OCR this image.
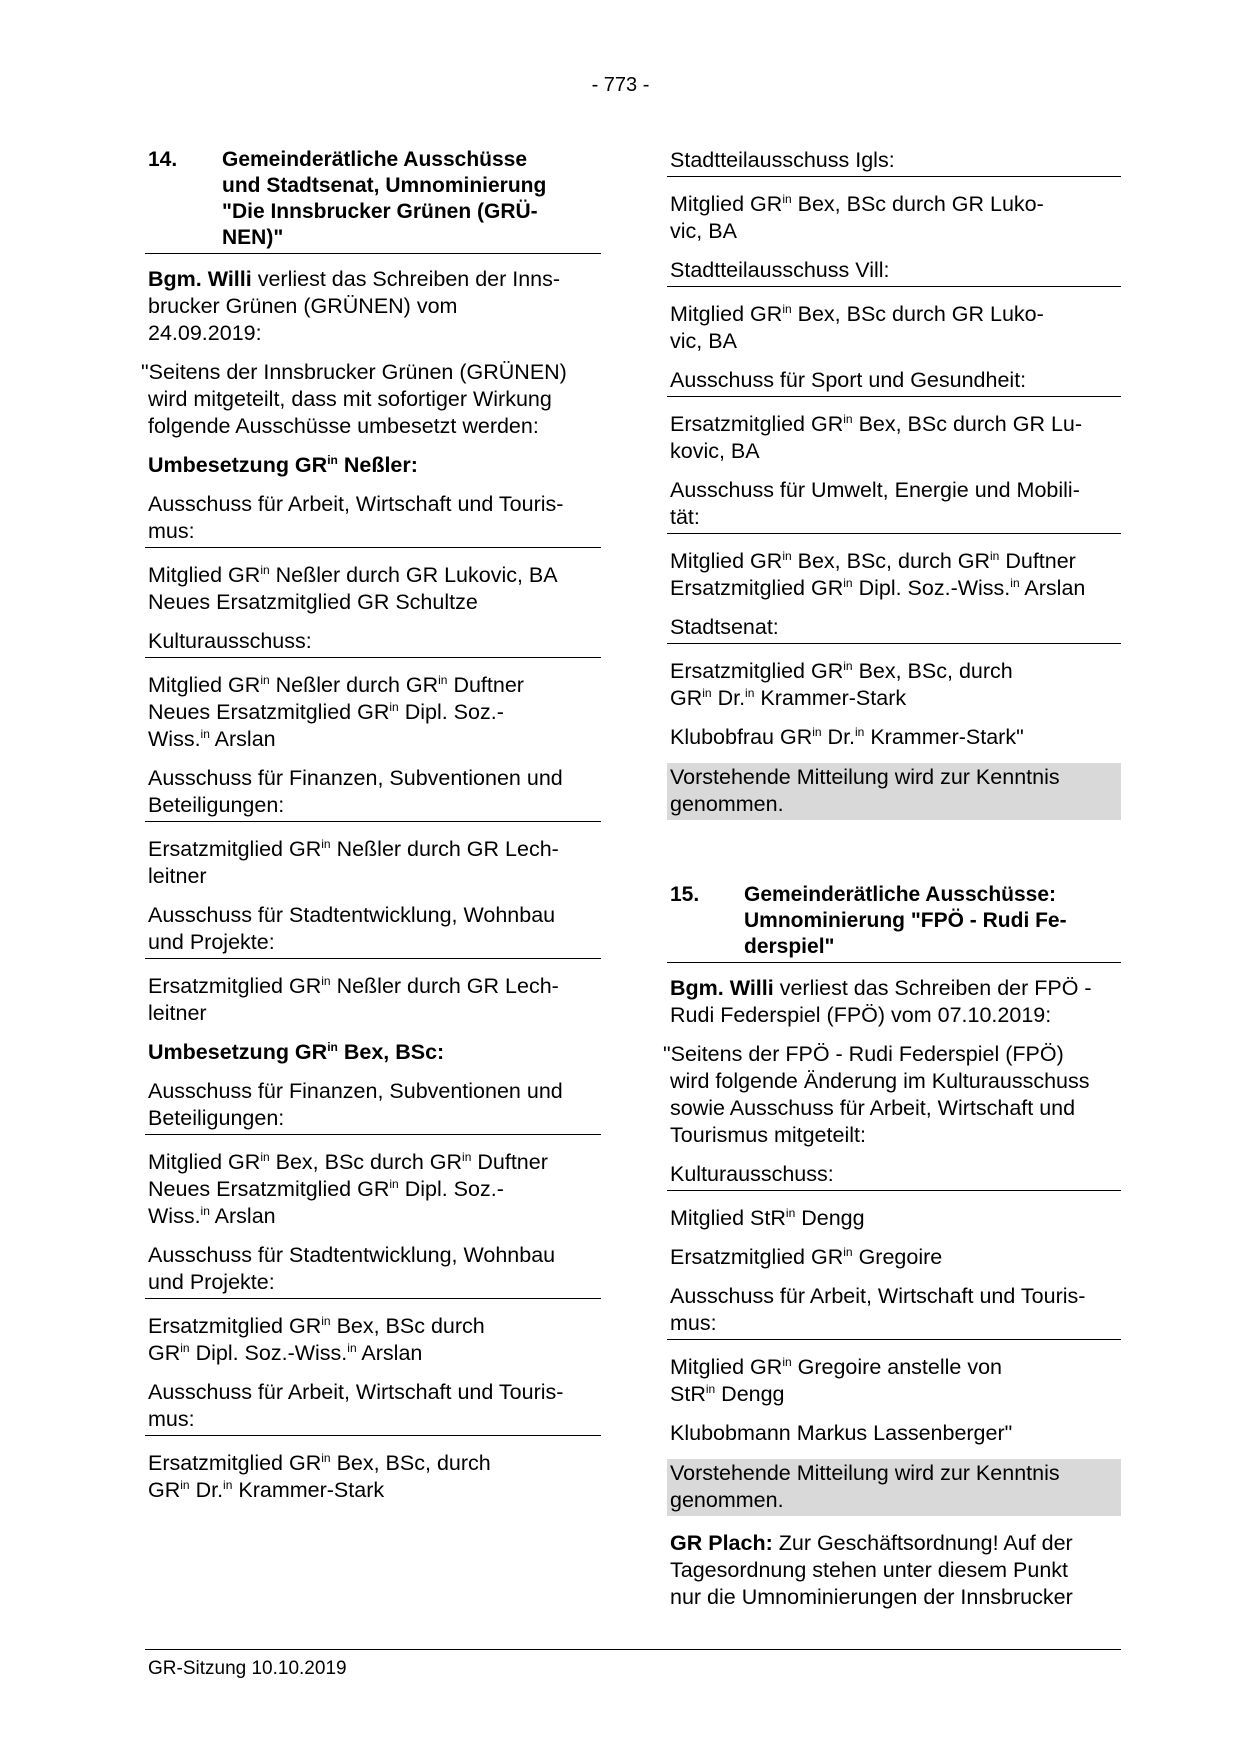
- 773 -
14.	Gemeinderätliche Ausschüsse
und Stadtsenat, Umnominierung
"Die Innsbrucker Grünen (GRÜ-
NEN)"

Bgm. Willi verliest das Schreiben der Inns-
brucker Grünen (GRÜNEN) vom
24.09.2019:

"Seitens der Innsbrucker Grünen (GRÜNEN)
wird mitgeteilt, dass mit sofortiger Wirkung
folgende Ausschüsse umbesetzt werden:

Umbesetzung $GR^{in}$ Neßler:

Ausschuss für Arbeit, Wirtschaft und Touris-
mus:

Mitglied $GR^{in}$ Neßler durch GR Lukovic, BA
Neues Ersatzmitglied GR Schultze

Kulturausschuss:

Mitglied $GR^{in}$ Neßler durch $GR^{in}$ Duftner
Neues Ersatzmitglied $GR^{in}$ Dipl. Soz.-
Wiss.$^{in}$ Arslan

Ausschuss für Finanzen, Subventionen und
Beteiligungen:

Ersatzmitglied $GR^{in}$ Neßler durch GR Lech-
leitner

Ausschuss für Stadtentwicklung, Wohnbau
und Projekte:

Ersatzmitglied $GR^{in}$ Neßler durch GR Lech-
leitner

Umbesetzung $GR^{in}$ Bex, BSc:

Ausschuss für Finanzen, Subventionen und
Beteiligungen:

Mitglied $GR^{in}$ Bex, BSc durch $GR^{in}$ Duftner
Neues Ersatzmitglied $GR^{in}$ Dipl. Soz.-
Wiss.$^{in}$ Arslan

Ausschuss für Stadtentwicklung, Wohnbau
und Projekte:

Ersatzmitglied $GR^{in}$ Bex, BSc durch
$GR^{in}$ Dipl. Soz.-Wiss.$^{in}$ Arslan

Ausschuss für Arbeit, Wirtschaft und Touris-
mus:

Ersatzmitglied $GR^{in}$ Bex, BSc, durch
$GR^{in}$ Dr.$^{in}$ Krammer-Stark

Stadtteilausschuss Igls:

Mitglied $GR^{in}$ Bex, BSc durch GR Luko-
vic, BA

Stadtteilausschuss Vill:

Mitglied $GR^{in}$ Bex, BSc durch GR Luko-
vic, BA

Ausschuss für Sport und Gesundheit:

Ersatzmitglied $GR^{in}$ Bex, BSc durch GR Lu-
kovic, BA

Ausschuss für Umwelt, Energie und Mobili-
tät:

Mitglied $GR^{in}$ Bex, BSc, durch $GR^{in}$ Duftner
Ersatzmitglied $GR^{in}$ Dipl. Soz.-Wiss.$^{in}$ Arslan

Stadtsenat:

Ersatzmitglied $GR^{in}$ Bex, BSc, durch
$GR^{in}$ Dr.$^{in}$ Krammer-Stark

Klubobfrau $GR^{in}$ Dr.$^{in}$ Krammer-Stark"

Vorstehende Mitteilung wird zur Kenntnis
genommen.

15.	Gemeinderätliche Ausschüsse:
Umnominierung "FPÖ - Rudi Fe-
derspiel"

Bgm. Willi verliest das Schreiben der FPÖ -
Rudi Federspiel (FPÖ) vom 07.10.2019:

"Seitens der FPÖ - Rudi Federspiel (FPÖ)
wird folgende Änderung im Kulturausschuss
sowie Ausschuss für Arbeit, Wirtschaft und
Tourismus mitgeteilt:

Kulturausschuss:

Mitglied StR$^{in}$ Dengg

Ersatzmitglied $GR^{in}$ Gregoire

Ausschuss für Arbeit, Wirtschaft und Touris-
mus:

Mitglied $GR^{in}$ Gregoire anstelle von
StR$^{in}$ Dengg

Klubobmann Markus Lassenberger"

Vorstehende Mitteilung wird zur Kenntnis
genommen.

GR Plach: Zur Geschäftsordnung! Auf der
Tagesordnung stehen unter diesem Punkt
nur die Umnominierungen der Innsbrucker

GR-Sitzung 10.10.2019
